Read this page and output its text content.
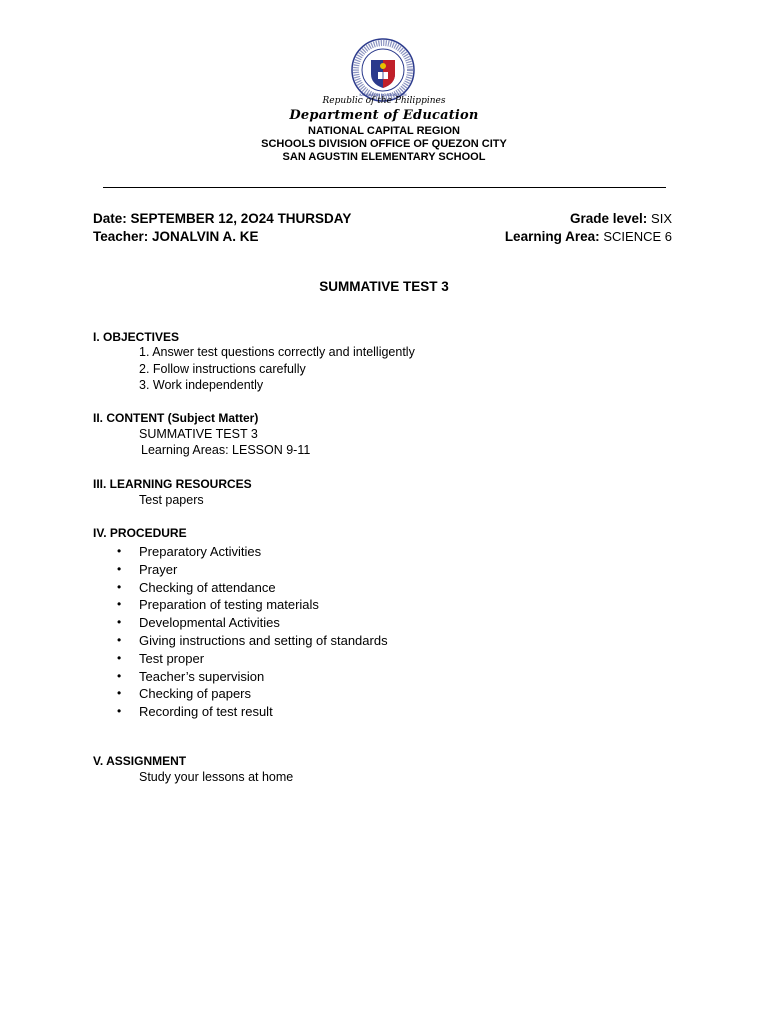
KAGAWARAN NG EDUKASYON
Republic of the Philippines
Department of Education
NATIONAL CAPITAL REGION
SCHOOLS DIVISION OFFICE OF QUEZON CITY
SAN AGUSTIN ELEMENTARY SCHOOL
Date: SEPTEMBER 12, 2O24 THURSDAY
Teacher: JONALVIN A. KE
Grade level: SIX
Learning Area: SCIENCE 6
SUMMATIVE TEST 3
I. OBJECTIVES
1. Answer test questions correctly and intelligently
2. Follow instructions carefully
3. Work independently
II. CONTENT (Subject Matter)
SUMMATIVE TEST 3
Learning Areas: LESSON 9-11
III. LEARNING RESOURCES
Test papers
IV. PROCEDURE
• Preparatory Activities
• Prayer
• Checking of attendance
• Preparation of testing materials
• Developmental Activities
• Giving instructions and setting of standards
• Test proper
• Teacher’s supervision
• Checking of papers
• Recording of test result
V. ASSIGNMENT
Study your lessons at home
